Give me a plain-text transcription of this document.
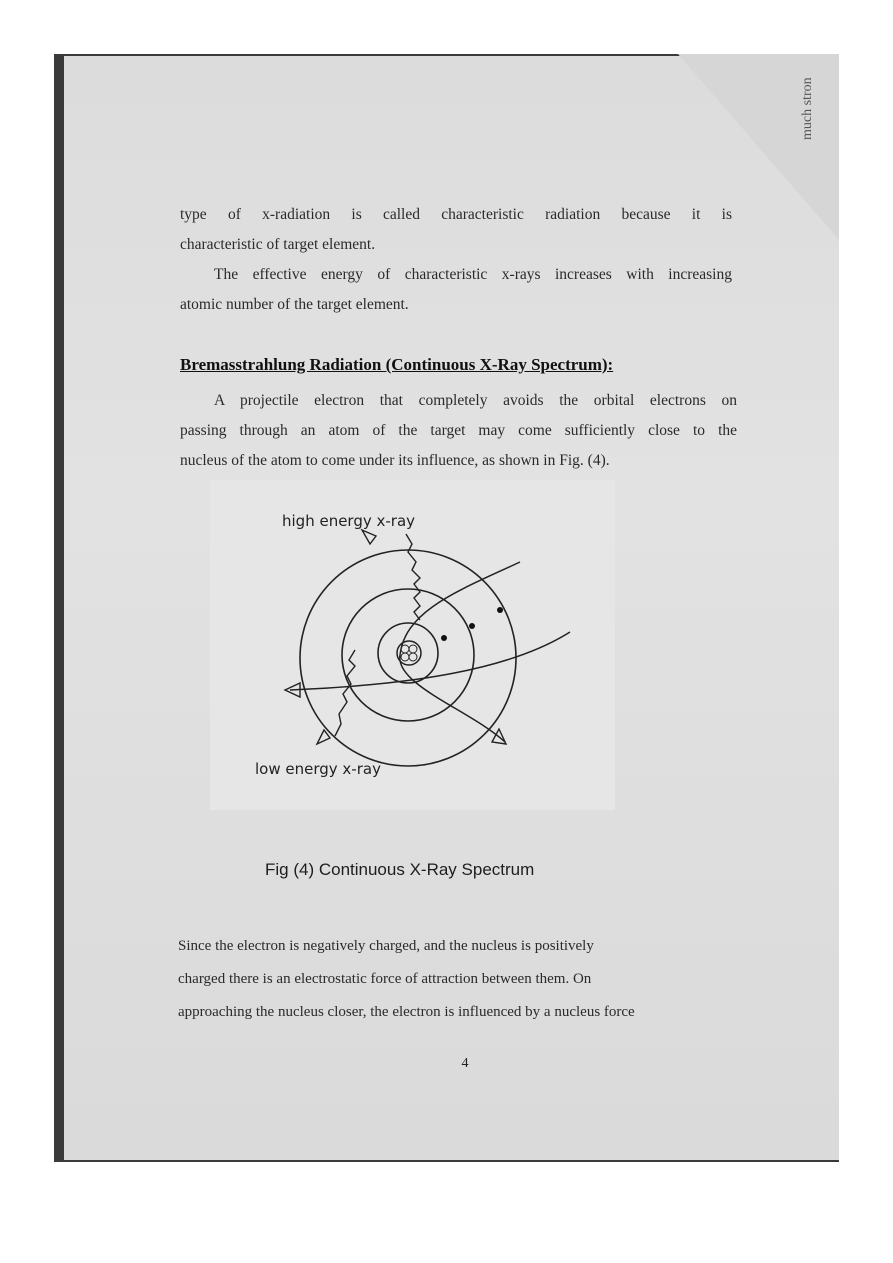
much stron
type of x-radiation is called characteristic radiation because it is
characteristic of target element.
The effective energy of characteristic x-rays increases with increasing
atomic number of the target element.
Bremasstrahlung Radiation (Continuous X-Ray Spectrum):
A projectile electron that completely avoids the orbital electrons on
passing through an atom of the target may come sufficiently close to the
nucleus of the atom to come under its influence, as shown in Fig. (4).
high energy x-ray
low energy x-ray
Fig (4) Continuous X-Ray Spectrum
Since the electron is negatively charged, and the nucleus is positively
charged there is an electrostatic force of attraction between them. On
approaching the nucleus closer, the electron is influenced by a nucleus force
4
